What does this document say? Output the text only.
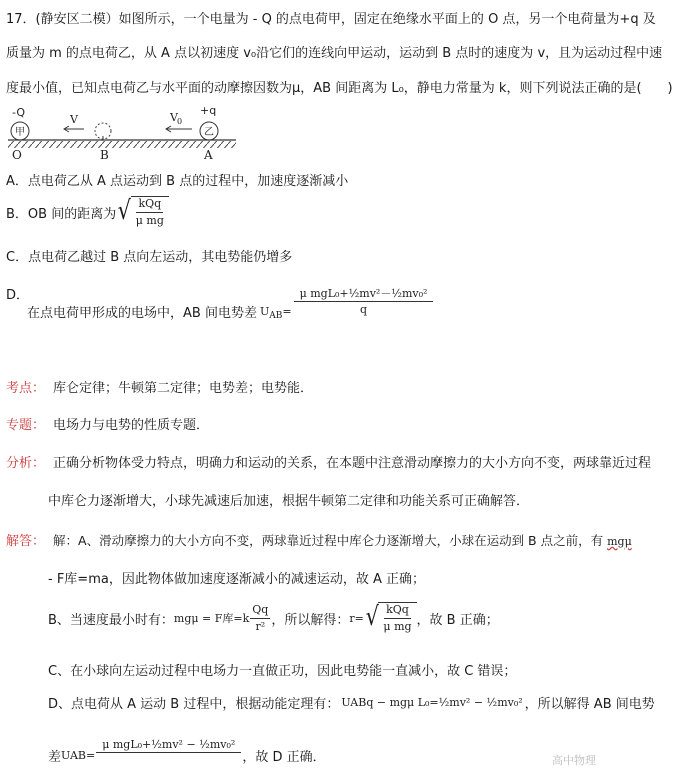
17．(静安区二模）如图所示，一个电量为 - Q 的点电荷甲，固定在绝缘水平面上的 O 点，另一个电荷量为+q 及
质量为 m 的点电荷乙，从 A 点以初速度 v₀沿它们的连线向甲运动，运动到 B 点时的速度为 v，且为运动过程中速
度最小值，已知点电荷乙与水平面的动摩擦因数为μ，AB 间距离为 L₀，静电力常量为 k，则下列说法正确的是(　　)
甲
-Q
V	V 0
乙
+q
O	B	A
A．点电荷乙从 A 点运动到 B 点的过程中，加速度逐渐减小
B．OB 间的距离为 √ $\frac{\text{kQq}}{\text{μ mg}}$
C．点电荷乙越过 B 点向左运动，其电势能仍增多
D．
在点电荷甲形成的电场中，AB 间电势差 $U_{AB}= \frac{\text{μ mgL₀+½mv²－½mv₀²}}{q}$
考点： 库仑定律；牛顿第二定律；电势差；电势能．
专题： 电场力与电势的性质专题．
分析： 正确分析物体受力特点，明确力和运动的关系，在本题中注意滑动摩擦力的大小方向不变，两球靠近过程
中库仑力逐渐增大，小球先减速后加速，根据牛顿第二定律和功能关系可正确解答．
解答： 解：A、滑动摩擦力的大小方向不变，两球靠近过程中库仑力逐渐增大，小球在运动到 B 点之前，有 mgμ
- F库=ma，因此物体做加速度逐渐减小的减速运动，故 A 正确；
B、当速度最小时有： mgμ = F库$=k \frac{Qq}{\text{r²}}$ ，所以解得： r= √ $\frac{\text{kQq}}{\text{μ mg}}$ ，故 B 正确；
C、在小球向左运动过程中电场力一直做正功，因此电势能一直减小，故 C 错误；
D、点电荷从 A 运动 B 过程中，根据动能定理有： UABq − mgμ L₀=½mv² − ½mv₀² ，所以解得 AB 间电势
差 UAB=
μ mgL₀+½mv² − ½mv₀²
，故 D 正确．	高中物理
